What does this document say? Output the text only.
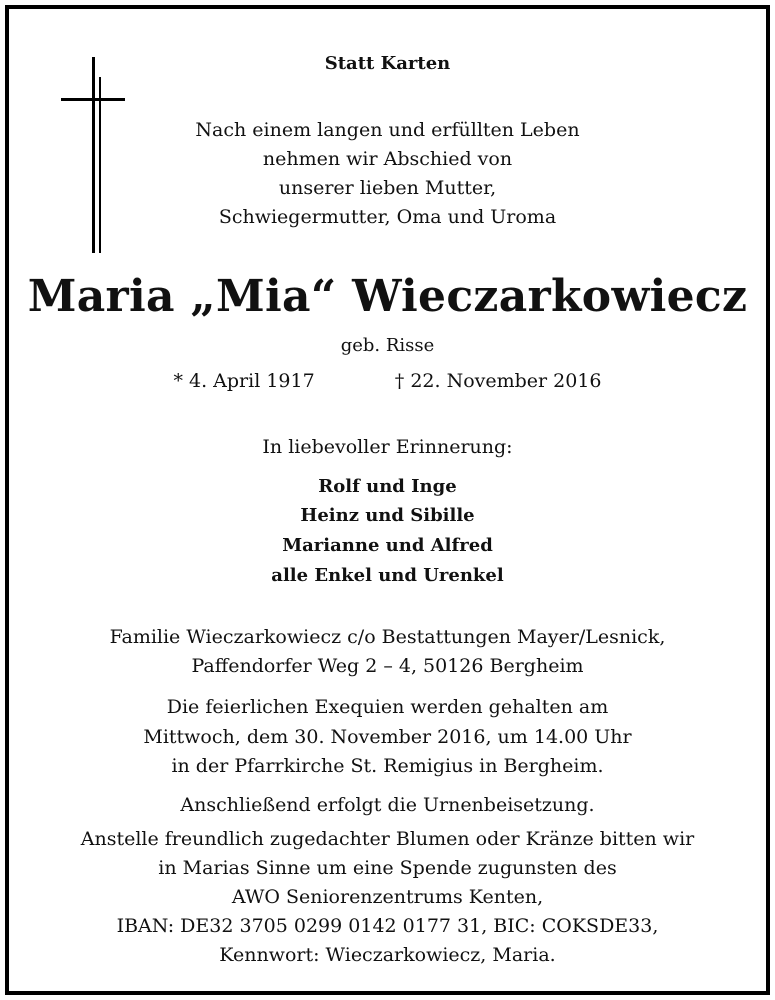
Statt Karten
Nach einem langen und erfüllten Leben
nehmen wir Abschied von
unserer lieben Mutter,
Schwiegermutter, Oma und Uroma
Maria „Mia“ Wieczarkowiecz
geb. Risse
* 4. April 1917	† 22. November 2016
In liebevoller Erinnerung:
Rolf und Inge
Heinz und Sibille
Marianne und Alfred
alle Enkel und Urenkel
Familie Wieczarkowiecz c/o Bestattungen Mayer/Lesnick,
Paffendorfer Weg 2 – 4, 50126 Bergheim
Die feierlichen Exequien werden gehalten am
Mittwoch, dem 30. November 2016, um 14.00 Uhr
in der Pfarrkirche St. Remigius in Bergheim.
Anschließend erfolgt die Urnenbeisetzung.
Anstelle freundlich zugedachter Blumen oder Kränze bitten wir
in Marias Sinne um eine Spende zugunsten des
AWO Seniorenzentrums Kenten,
IBAN: DE32 3705 0299 0142 0177 31, BIC: COKSDE33,
Kennwort: Wieczarkowiecz, Maria.
